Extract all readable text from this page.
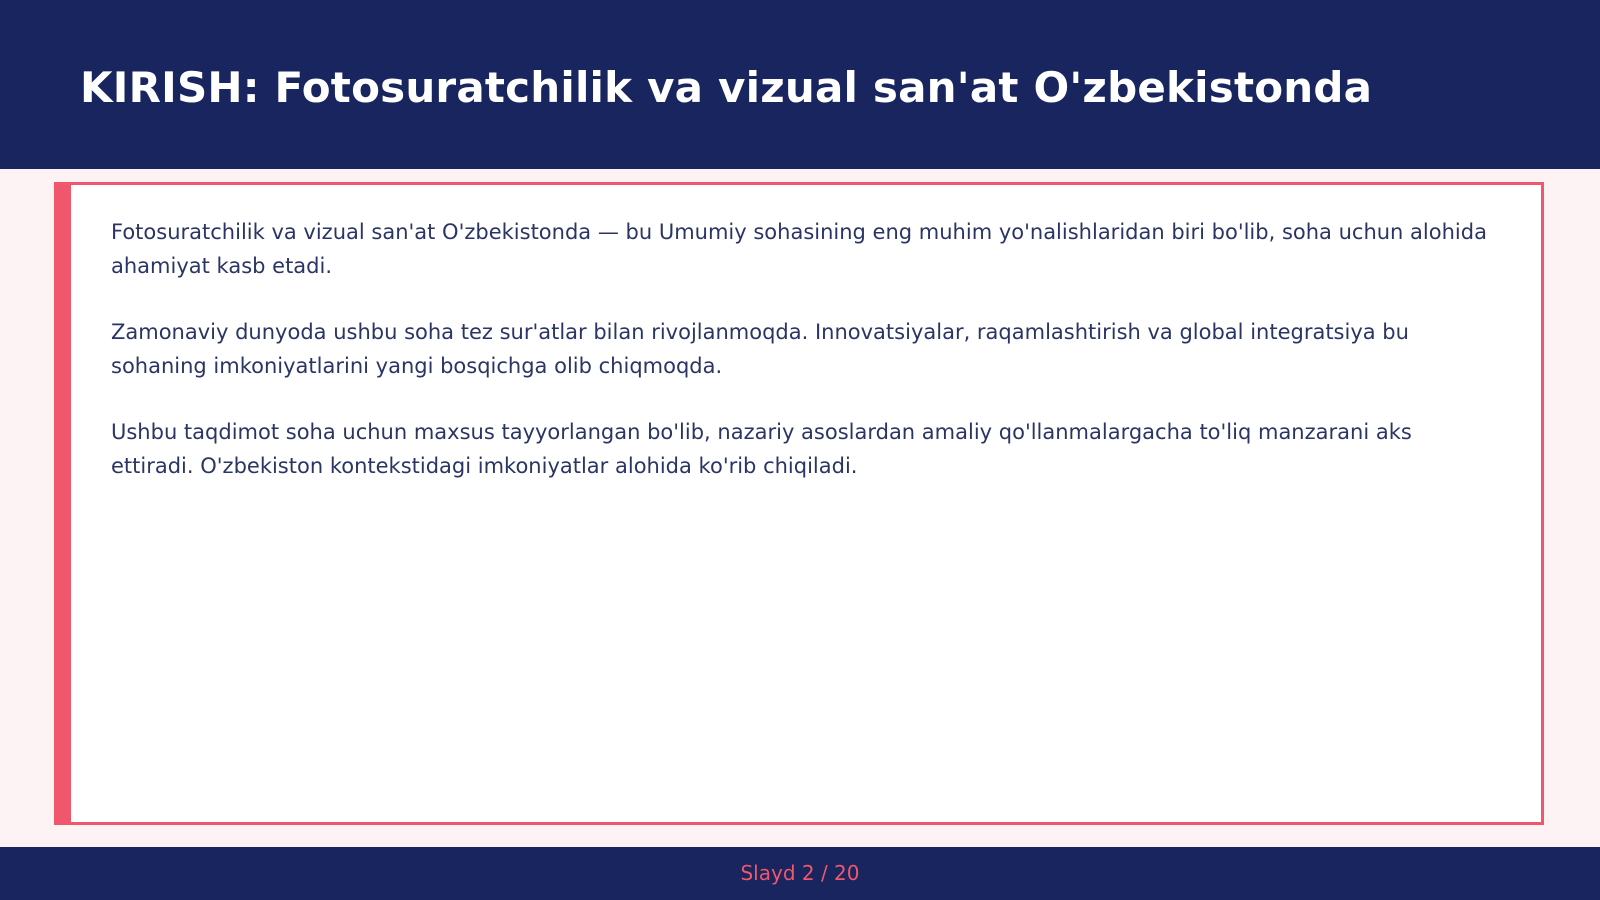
KIRISH: Fotosuratchilik va vizual san'at O'zbekistonda

Fotosuratchilik va vizual san'at O'zbekistonda — bu Umumiy sohasining eng muhim yo'nalishlaridan biri bo'lib, soha uchun alohida ahamiyat kasb etadi.

Zamonaviy dunyoda ushbu soha tez sur'atlar bilan rivojlanmoqda. Innovatsiyalar, raqamlashtirish va global integratsiya bu sohaning imkoniyatlarini yangi bosqichga olib chiqmoqda.

Ushbu taqdimot soha uchun maxsus tayyorlangan bo'lib, nazariy asoslardan amaliy qo'llanmalargacha to'liq manzarani aks ettiradi. O'zbekiston kontekstidagi imkoniyatlar alohida ko'rib chiqiladi.

Slayd 2 / 20
